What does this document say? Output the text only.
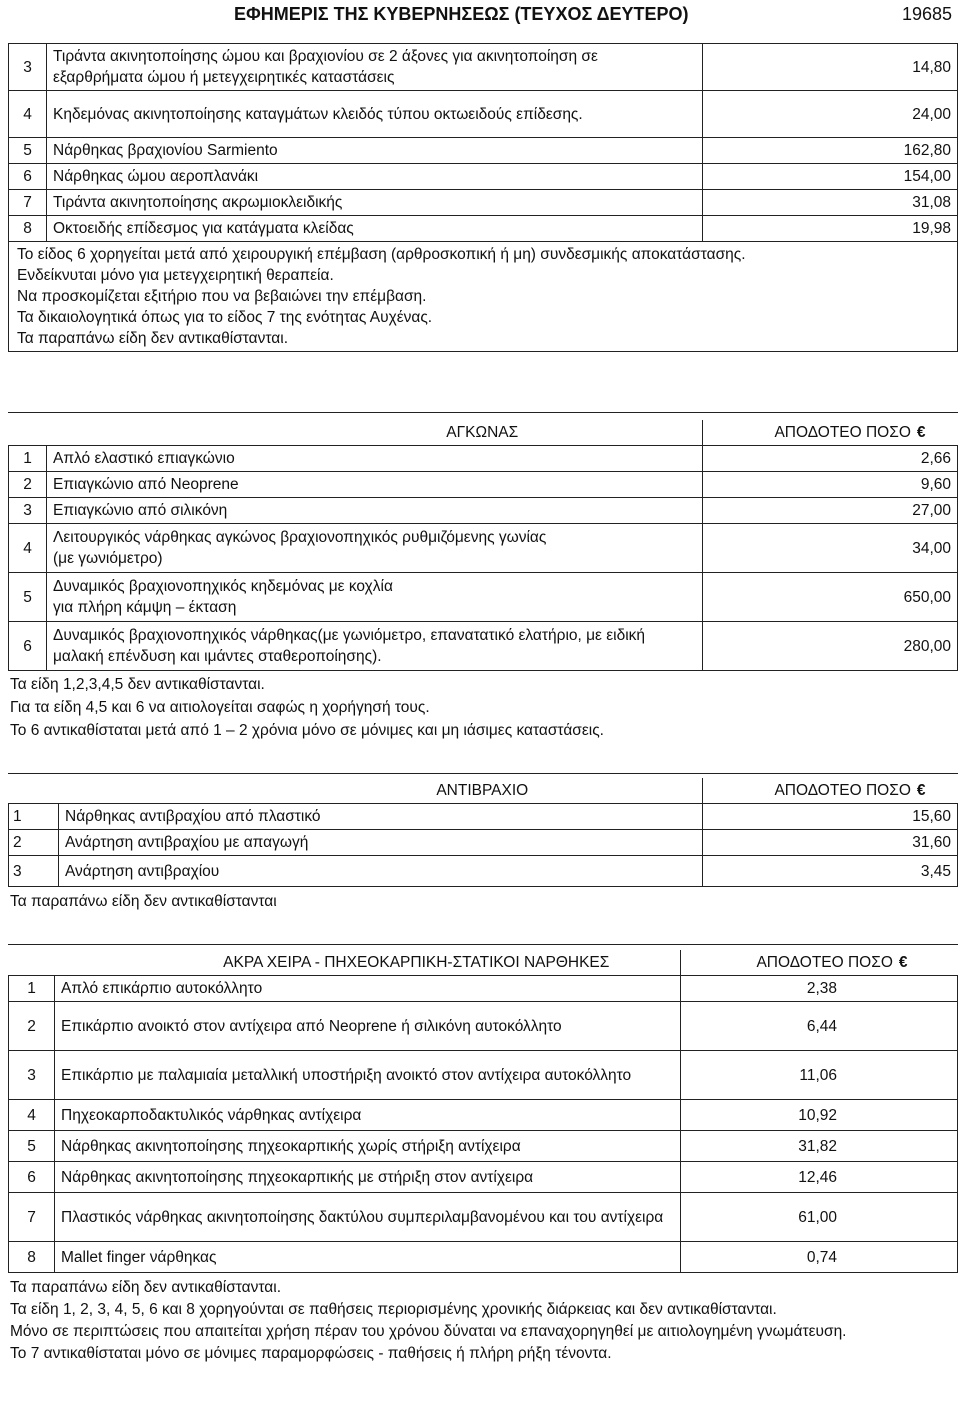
ΕΦΗΜΕΡΙΣ ΤΗΣ ΚΥΒΕΡΝΗΣΕΩΣ (ΤΕΥΧΟΣ ΔΕΥΤΕΡΟ)	19685
3	Τιράντα ακινητοποίησης ώμου και βραχιονίου σε 2 άξονες για ακινητοποίηση σε εξαρθρήματα ώμου ή μετεγχειρητικές καταστάσεις	14,80
4	Κηδεμόνας ακινητοποίησης καταγμάτων κλειδός τύπου οκτωειδούς επίδεσης.	24,00
5	Νάρθηκας βραχιονίου Sarmiento	162,80
6	Νάρθηκας ώμου αεροπλανάκι	154,00
7	Τιράντα ακινητοποίησης ακρωμιοκλειδικής	31,08
8	Οκτοειδής επίδεσμος για κατάγματα κλείδας	19,98

Το είδος 6 χορηγείται μετά από χειρουργική επέμβαση (αρθροσκοπική ή μη) συνδεσμικής αποκατάστασης.
Ενδείκνυται μόνο για μετεγχειρητική θεραπεία.
Να προσκομίζεται εξιτήριο που να βεβαιώνει την επέμβαση.
Τα δικαιολογητικά όπως για το είδος 7 της ενότητας Αυχένας.
Τα παραπάνω είδη δεν αντικαθίστανται.		
ΑΓΚΩΝΑΣ		ΑΠΟΔΟΤΕΟ ΠΟΣΟ €
1	Απλό ελαστικό επιαγκώνιο	2,66
2	Επιαγκώνιο από Neoprene	9,60
3	Επιαγκώνιο από σιλικόνη	27,00
4	Λειτουργικός νάρθηκας αγκώνος βραχιονοπηχικός ρυθμιζόμενης γωνίας (με γωνιόμετρο)	34,00
5	Δυναμικός βραχιονοπηχικός κηδεμόνας με κοχλία για πλήρη κάμψη – έκταση	650,00
6	Δυναμικός βραχιονοπηχικός νάρθηκας(με γωνιόμετρο, επανατατικό ελατήριο, με ειδική μαλακή επένδυση και ιμάντες σταθεροποίησης).	280,00
Τα είδη 1,2,3,4,5 δεν αντικαθίστανται.
Για τα είδη 4,5 και 6 να αιτιολογείται σαφώς η χορήγησή τους.
Το 6 αντικαθίσταται μετά από 1 – 2 χρόνια μόνο σε μόνιμες και μη ιάσιμες καταστάσεις.
ΑΝΤΙΒΡΑΧΙΟ		ΑΠΟΔΟΤΕΟ ΠΟΣΟ €
1	Νάρθηκας αντιβραχίου από πλαστικό	15,60
2	Ανάρτηση αντιβραχίου με απαγωγή	31,60
3	Ανάρτηση αντιβραχίου	3,45
Τα παραπάνω είδη δεν αντικαθίστανται
ΑΚΡΑ ΧΕΙΡΑ - ΠΗΧΕΟΚΑΡΠΙΚΗ-ΣΤΑΤΙΚΟΙ ΝΑΡΘΗΚΕΣ		ΑΠΟΔΟΤΕΟ ΠΟΣΟ €
1	Απλό επικάρπιο αυτοκόλλητο	2,38
2	Επικάρπιο ανοικτό στον αντίχειρα από Neoprene ή σιλικόνη αυτοκόλλητο	6,44
3	Επικάρπιο με παλαμιαία μεταλλική υποστήριξη ανοικτό στον αντίχειρα αυτοκόλλητο	11,06
4	Πηχεοκαρποδακτυλικός νάρθηκας αντίχειρα	10,92
5	Νάρθηκας ακινητοποίησης πηχεοκαρπικής χωρίς στήριξη αντίχειρα	31,82
6	Νάρθηκας ακινητοποίησης πηχεοκαρπικής με στήριξη στον αντίχειρα	12,46
7	Πλαστικός νάρθηκας ακινητοποίησης δακτύλου συμπεριλαμβανομένου και του αντίχειρα	61,00
8	Mallet finger νάρθηκας	0,74
Τα παραπάνω είδη δεν αντικαθίστανται.
Τα είδη 1, 2, 3, 4, 5, 6 και 8 χορηγούνται σε παθήσεις περιορισμένης χρονικής διάρκειας και δεν αντικαθίστανται.
Μόνο σε περιπτώσεις που απαιτείται χρήση πέραν του χρόνου δύναται να επαναχορηγηθεί με αιτιολογημένη γνωμάτευση.
Το 7 αντικαθίσταται μόνο σε μόνιμες παραμορφώσεις - παθήσεις ή πλήρη ρήξη τένοντα.
